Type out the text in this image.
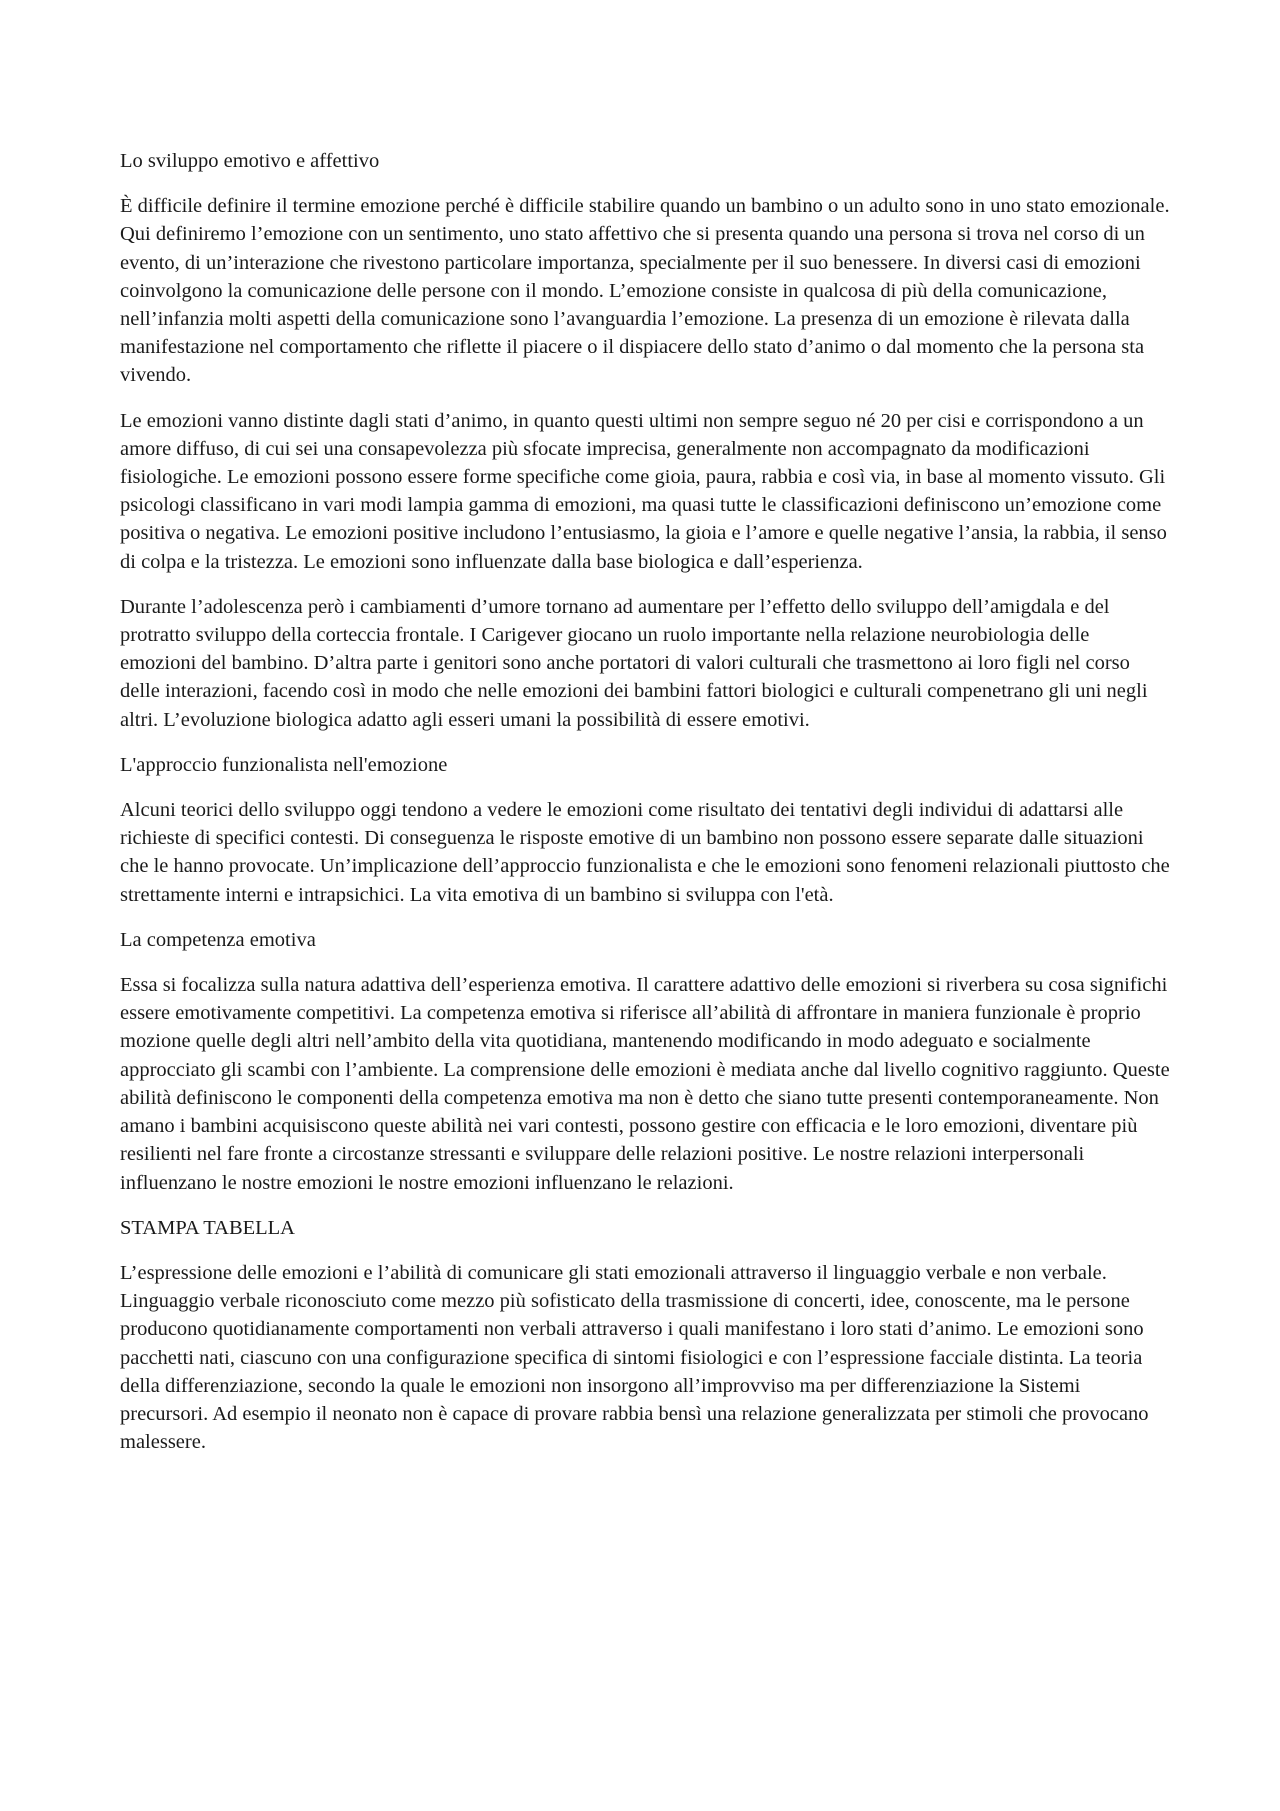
Lo sviluppo emotivo e affettivo

È difficile definire il termine emozione perché è difficile stabilire quando un bambino o un adulto sono in uno stato emozionale. Qui definiremo l’emozione con un sentimento, uno stato affettivo che si presenta quando una persona si trova nel corso di un evento, di un’interazione che rivestono particolare importanza, specialmente per il suo benessere. In diversi casi di emozioni coinvolgono la comunicazione delle persone con il mondo. L’emozione consiste in qualcosa di più della comunicazione, nell’infanzia molti aspetti della comunicazione sono l’avanguardia l’emozione. La presenza di un emozione è rilevata dalla manifestazione nel comportamento che riflette il piacere o il dispiacere dello stato d’animo o dal momento che la persona sta vivendo.

Le emozioni vanno distinte dagli stati d’animo, in quanto questi ultimi non sempre seguo né 20 per cisi e corrispondono a un amore diffuso, di cui sei una consapevolezza più sfocate imprecisa, generalmente non accompagnato da modificazioni fisiologiche. Le emozioni possono essere forme specifiche come gioia, paura, rabbia e così via, in base al momento vissuto. Gli psicologi classificano in vari modi lampia gamma di emozioni, ma quasi tutte le classificazioni definiscono un’emozione come positiva o negativa. Le emozioni positive includono l’entusiasmo, la gioia e l’amore e quelle negative l’ansia, la rabbia, il senso di colpa e la tristezza. Le emozioni sono influenzate dalla base biologica e dall’esperienza.

Durante l’adolescenza però i cambiamenti d’umore tornano ad aumentare per l’effetto dello sviluppo dell’amigdala e del protratto sviluppo della corteccia frontale. I Carigever giocano un ruolo importante nella relazione neurobiologia delle emozioni del bambino. D’altra parte i genitori sono anche portatori di valori culturali che trasmettono ai loro figli nel corso delle interazioni, facendo così in modo che nelle emozioni dei bambini fattori biologici e culturali compenetrano gli uni negli altri. L’evoluzione biologica adatto agli esseri umani la possibilità di essere emotivi.

L'approccio funzionalista nell'emozione

Alcuni teorici dello sviluppo oggi tendono a vedere le emozioni come risultato dei tentativi degli individui di adattarsi alle richieste di specifici contesti. Di conseguenza le risposte emotive di un bambino non possono essere separate dalle situazioni che le hanno provocate. Un’implicazione dell’approccio funzionalista e che le emozioni sono fenomeni relazionali piuttosto che strettamente interni e intrapsichici. La vita emotiva di un bambino si sviluppa con l'età.

La competenza emotiva

Essa si focalizza sulla natura adattiva dell’esperienza emotiva. Il carattere adattivo delle emozioni si riverbera su cosa significhi essere emotivamente competitivi. La competenza emotiva si riferisce all’abilità di affrontare in maniera funzionale è proprio mozione quelle degli altri nell’ambito della vita quotidiana, mantenendo modificando in modo adeguato e socialmente approcciato gli scambi con l’ambiente. La comprensione delle emozioni è mediata anche dal livello cognitivo raggiunto. Queste abilità definiscono le componenti della competenza emotiva ma non è detto che siano tutte presenti contemporaneamente. Non amano i bambini acquisiscono queste abilità nei vari contesti, possono gestire con efficacia e le loro emozioni, diventare più resilienti nel fare fronte a circostanze stressanti e sviluppare delle relazioni positive. Le nostre relazioni interpersonali influenzano le nostre emozioni le nostre emozioni influenzano le relazioni.

STAMPA TABELLA

L’espressione delle emozioni e l’abilità di comunicare gli stati emozionali attraverso il linguaggio verbale e non verbale. Linguaggio verbale riconosciuto come mezzo più sofisticato della trasmissione di concerti, idee, conoscente, ma le persone producono quotidianamente comportamenti non verbali attraverso i quali manifestano i loro stati d’animo. Le emozioni sono pacchetti nati, ciascuno con una configurazione specifica di sintomi fisiologici e con l’espressione facciale distinta. La teoria della differenziazione, secondo la quale le emozioni non insorgono all’improvviso ma per differenziazione la Sistemi precursori. Ad esempio il neonato non è capace di provare rabbia bensì una relazione generalizzata per stimoli che provocano malessere.
